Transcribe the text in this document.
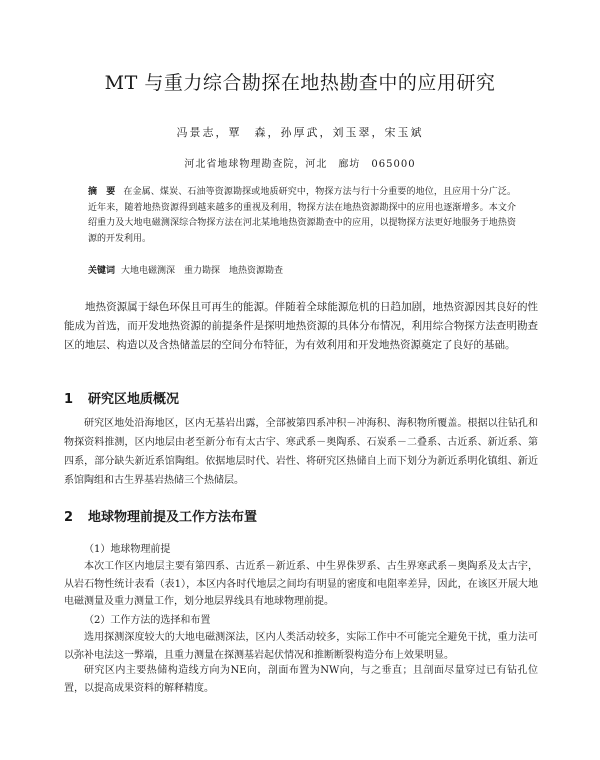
MT 与重力综合勘探在地热勘查中的应用研究
冯景志，覃　森，孙厚武，刘玉翠，宋玉斌
河北省地球物理勘查院，河北　廊坊　065000
摘　要 在金属、煤炭、石油等资源勘探或地质研究中，物探方法与行十分重要的地位，且应用十分广泛。近年来，随着地热资源得到越来越多的重视及利用，物探方法在地热资源勘探中的应用也逐渐增多。本文介绍重力及大地电磁测深综合物探方法在河北某地地热资源勘查中的应用，以提物探方法更好地服务于地热资源的开发利用。
关键词 大地电磁测深　重力勘探　地热资源勘查
地热资源属于绿色环保且可再生的能源。伴随着全球能源危机的日趋加剧，地热资源因其良好的性能成为首选，而开发地热资源的前提条件是探明地热资源的具体分布情况，利用综合物探方法查明勘查区的地层、构造以及含热储盖层的空间分布特征，为有效利用和开发地热资源奠定了良好的基础。
1 研究区地质概况
研究区地处沿海地区，区内无基岩出露，全部被第四系冲积－冲海积、海积物所覆盖。根据以往钻孔和物探资料推测，区内地层由老至新分布有太古宇、寒武系－奥陶系、石炭系－二叠系、古近系、新近系、第四系，部分缺失新近系馆陶组。依据地层时代、岩性、将研究区热储自上而下划分为新近系明化镇组、新近系馆陶组和古生界基岩热储三个热储层。
2 地球物理前提及工作方法布置
（1）地球物理前提
本次工作区内地层主要有第四系、古近系－新近系、中生界侏罗系、古生界寒武系－奥陶系及太古宇，从岩石物性统计表看（表1），本区内各时代地层之间均有明显的密度和电阻率差异，因此，在该区开展大地电磁测量及重力测量工作，划分地层界线具有地球物理前提。
（2）工作方法的选择和布置
选用探测深度较大的大地电磁测深法，区内人类活动较多，实际工作中不可能完全避免干扰，重力法可以弥补电法这一弊端，且重力测量在探测基岩起伏情况和推断断裂构造分布上效果明显。
研究区内主要热储构造线方向为NE向，剖面布置为NW向，与之垂直；且剖面尽量穿过已有钻孔位置，以提高成果资料的解释精度。
